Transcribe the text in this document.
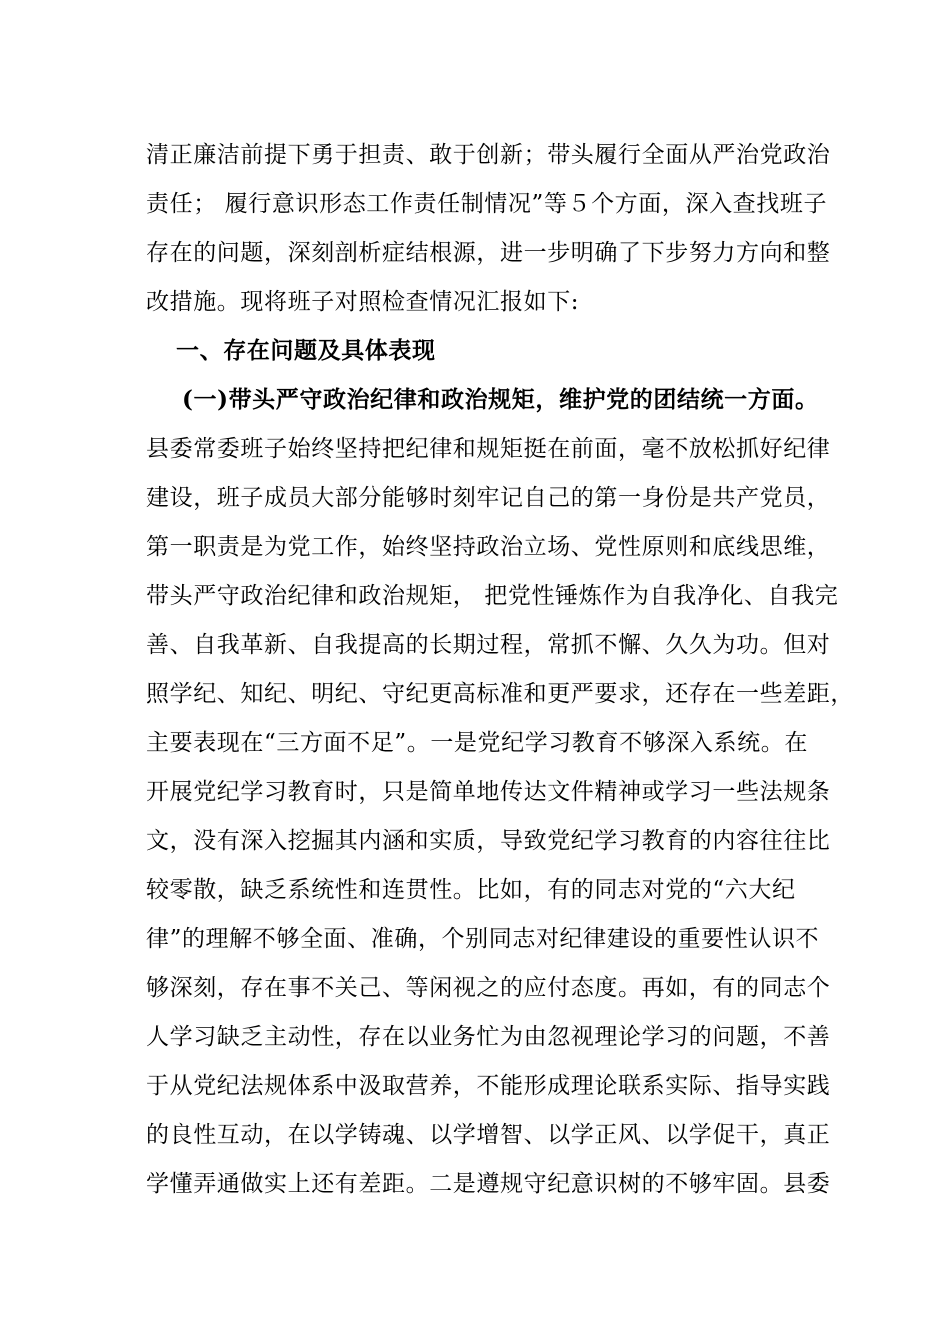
清正廉洁前提下勇于担责、敢于创新；带头履行全面从严治党政治
责任； 履行意识形态工作责任制情况”等５个方面，深入查找班子
存在的问题，深刻剖析症结根源，进一步明确了下步努力方向和整
改措施。现将班子对照检查情况汇报如下:
一、存在问题及具体表现
(一)带头严守政治纪律和政治规矩，维护党的团结统一方面。
县委常委班子始终坚持把纪律和规矩挺在前面，毫不放松抓好纪律
建设，班子成员大部分能够时刻牢记自己的第一身份是共产党员，
第一职责是为党工作，始终坚持政治立场、党性原则和底线思维，
带头严守政治纪律和政治规矩， 把党性锤炼作为自我净化、自我完
善、自我革新、自我提高的长期过程，常抓不懈、久久为功。但对
照学纪、知纪、明纪、守纪更高标准和更严要求，还存在一些差距，
主要表现在“三方面不足”。一是党纪学习教育不够深入系统。在
开展党纪学习教育时，只是简单地传达文件精神或学习一些法规条
文，没有深入挖掘其内涵和实质，导致党纪学习教育的内容往往比
较零散，缺乏系统性和连贯性。比如，有的同志对党的“六大纪
律”的理解不够全面、准确，个别同志对纪律建设的重要性认识不
够深刻，存在事不关己、等闲视之的应付态度。再如，有的同志个
人学习缺乏主动性，存在以业务忙为由忽视理论学习的问题，不善
于从党纪法规体系中汲取营养，不能形成理论联系实际、指导实践
的良性互动，在以学铸魂、以学增智、以学正风、以学促干，真正
学懂弄通做实上还有差距。二是遵规守纪意识树的不够牢固。县委
